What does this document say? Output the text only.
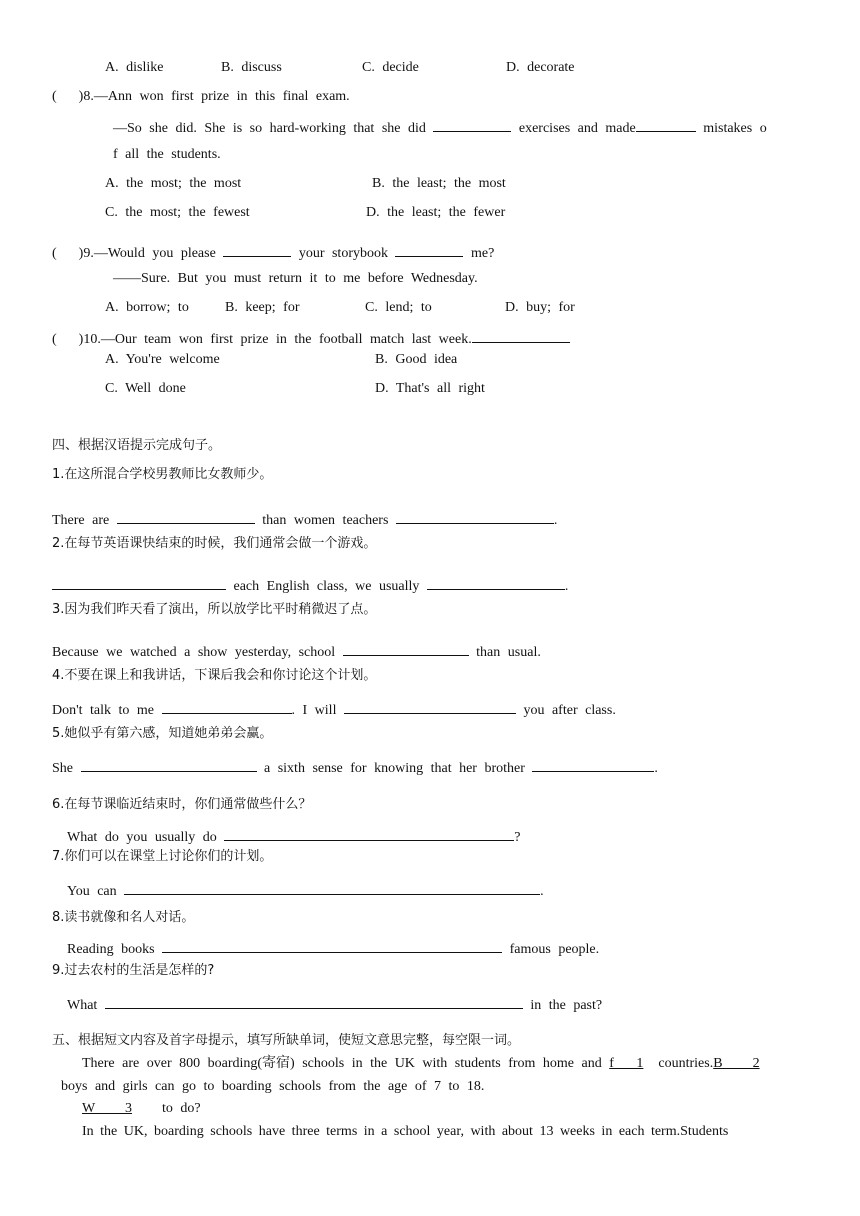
A. dislike	B. discuss	C. decide	D. decorate
( )8.—Ann won first prize in this final exam.
—So she did. She is so hard-working that she did	exercises and made	mistakes o
f all the students.
A. the most; the most	B. the least; the most
C. the most; the fewest	D. the least; the fewer
( )9.—Would you please	your storybook	me?
——Sure. But you must return it to me before Wednesday.
A. borrow; to	B. keep; for	C. lend; to	D. buy; for
( )10.—Our team won first prize in the football match last week.
A. You're welcome	B. Good idea
C. Well done	D. That's all right
四、根据汉语提示完成句子。
1.在这所混合学校男教师比女教师少。
There are	than women teachers	.
2.在每节英语课快结束的时候，我们通常会做一个游戏。
each English class, we usually	.
3.因为我们昨天看了演出，所以放学比平时稍微迟了点。
Because we watched a show yesterday, school	than usual.
4.不要在课上和我讲话，下课后我会和你讨论这个计划。
Don't talk to me	. I will	you after class.
5.她似乎有第六感，知道她弟弟会赢。
She	a sixth sense for knowing that her brother	.
6.在每节课临近结束时，你们通常做些什么？
What do you usually do	?
7.你们可以在课堂上讨论你们的计划。
You can	.
8.读书就像和名人对话。
Reading books	famous people.
9.过去农村的生活是怎样的?
What	in the past?
五、根据短文内容及首字母提示，填写所缺单词，使短文意思完整，每空限一词。
There are over 800 boarding(寄宿) schools in the UK with students from home and f   1 countries.B    2
boys and girls can go to boarding schools from the age of 7 to 18.
W    3 to do?
In the UK, boarding schools have three terms in a school year, with about 13 weeks in each term.Students
